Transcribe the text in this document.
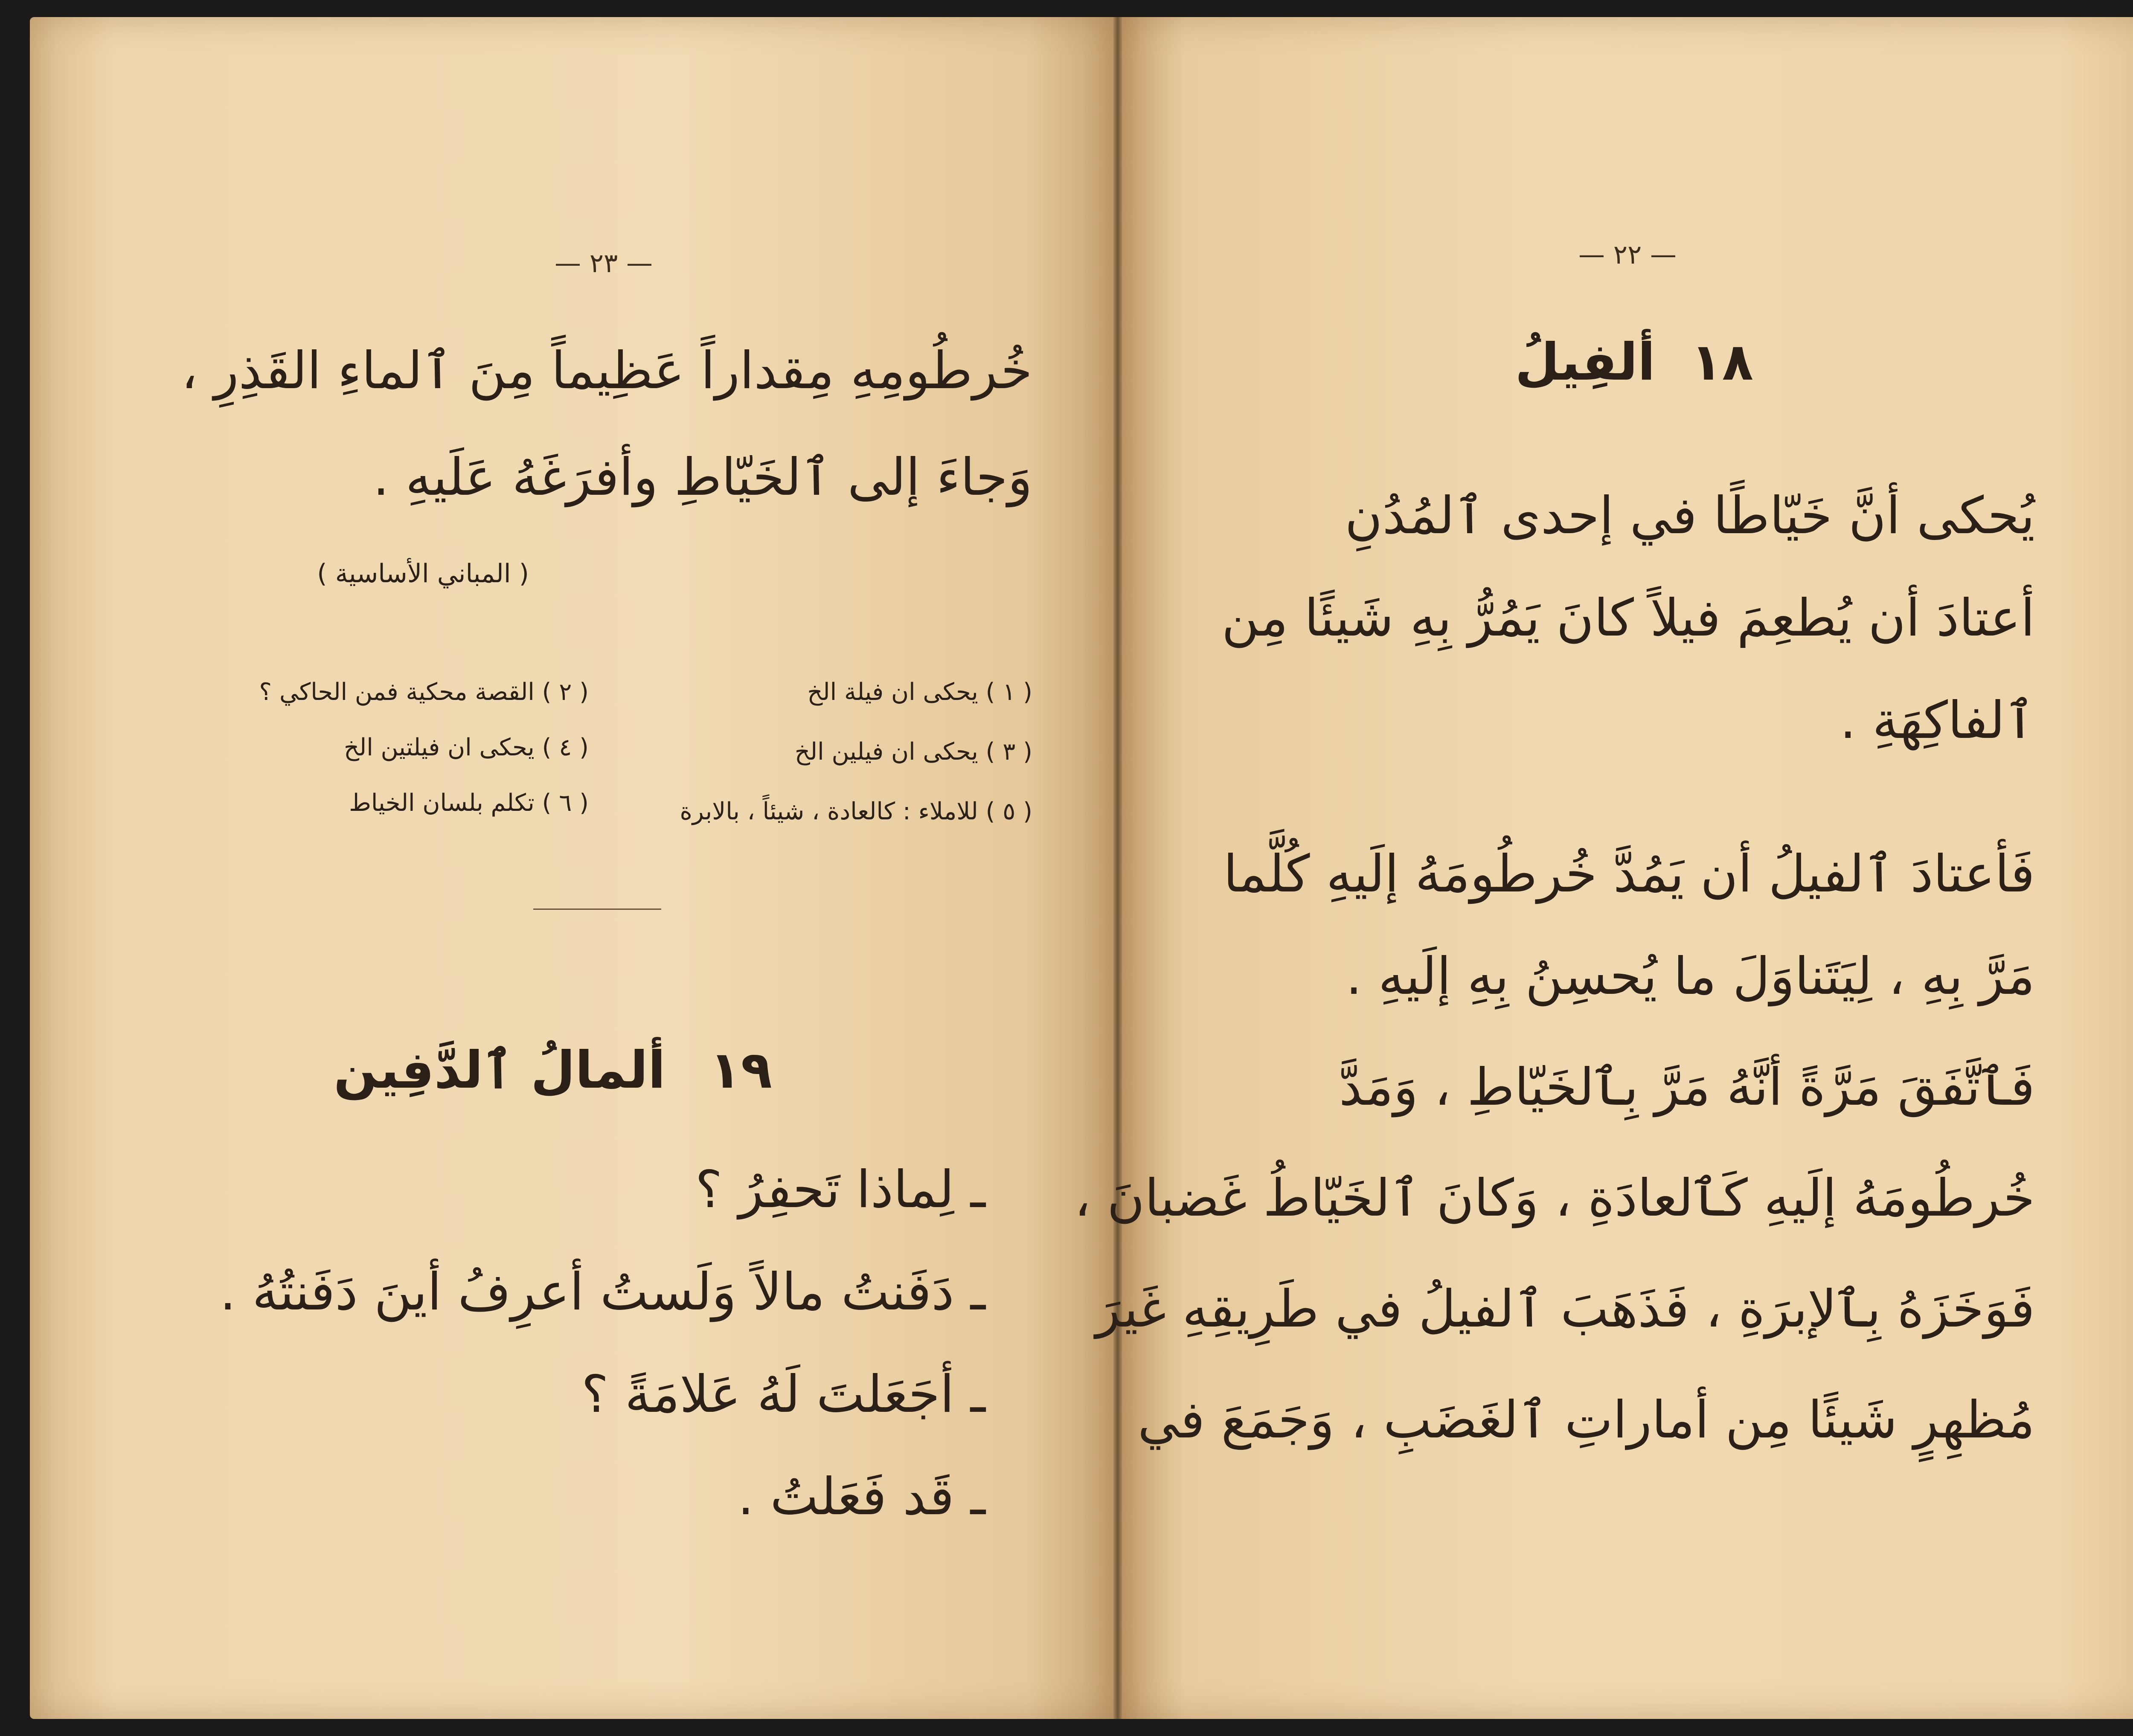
— ٢٣ —
خُرطُومِهِ مِقداراً عَظِيماً مِنَ ٱلماءِ القَذِرِ ،
وَجاءَ إلى ٱلخَيّاطِ وأفرَغَهُ عَلَيهِ .
( المباني الأساسية )
( ١ ) يحكى ان فيلة الخ
( ٢ ) القصة محكية فمن الحاكي ؟
( ٣ ) يحكى ان فيلين الخ
( ٤ ) يحكى ان فيلتين الخ
( ٥ ) للاملاء : كالعادة ، شيئاً ، بالابرة
( ٦ ) تكلم بلسان الخياط
١٩
ألمالُ ٱلدَّفِين
ـ لِماذا تَحفِرُ ؟
ـ دَفَنتُ مالاً وَلَستُ أعرِفُ أينَ دَفَنتُهُ .
ـ أجَعَلتَ لَهُ عَلامَةً ؟
ـ قَد فَعَلتُ .
— ٢٢ —
١٨
ألفِيلُ
يُحكى أنَّ خَيّاطًا في إحدى ٱلمُدُنِ
أعتادَ أن يُطعِمَ فيلاً كانَ يَمُرُّ بِهِ شَيئًا مِن
ٱلفاكِهَةِ .
فَأعتادَ ٱلفيلُ أن يَمُدَّ خُرطُومَهُ إلَيهِ كُلَّما
مَرَّ بِهِ ، لِيَتَناوَلَ ما يُحسِنُ بِهِ إلَيهِ .
فَٱتَّفَقَ مَرَّةً أنَّهُ مَرَّ بِٱلخَيّاطِ ، وَمَدَّ
خُرطُومَهُ إلَيهِ كَٱلعادَةِ ، وَكانَ ٱلخَيّاطُ غَضبانَ ،
فَوَخَزَهُ بِٱلإبرَةِ ، فَذَهَبَ ٱلفيلُ في طَرِيقِهِ غَيرَ
مُظهِرٍ شَيئًا مِن أماراتِ ٱلغَضَبِ ، وَجَمَعَ في
